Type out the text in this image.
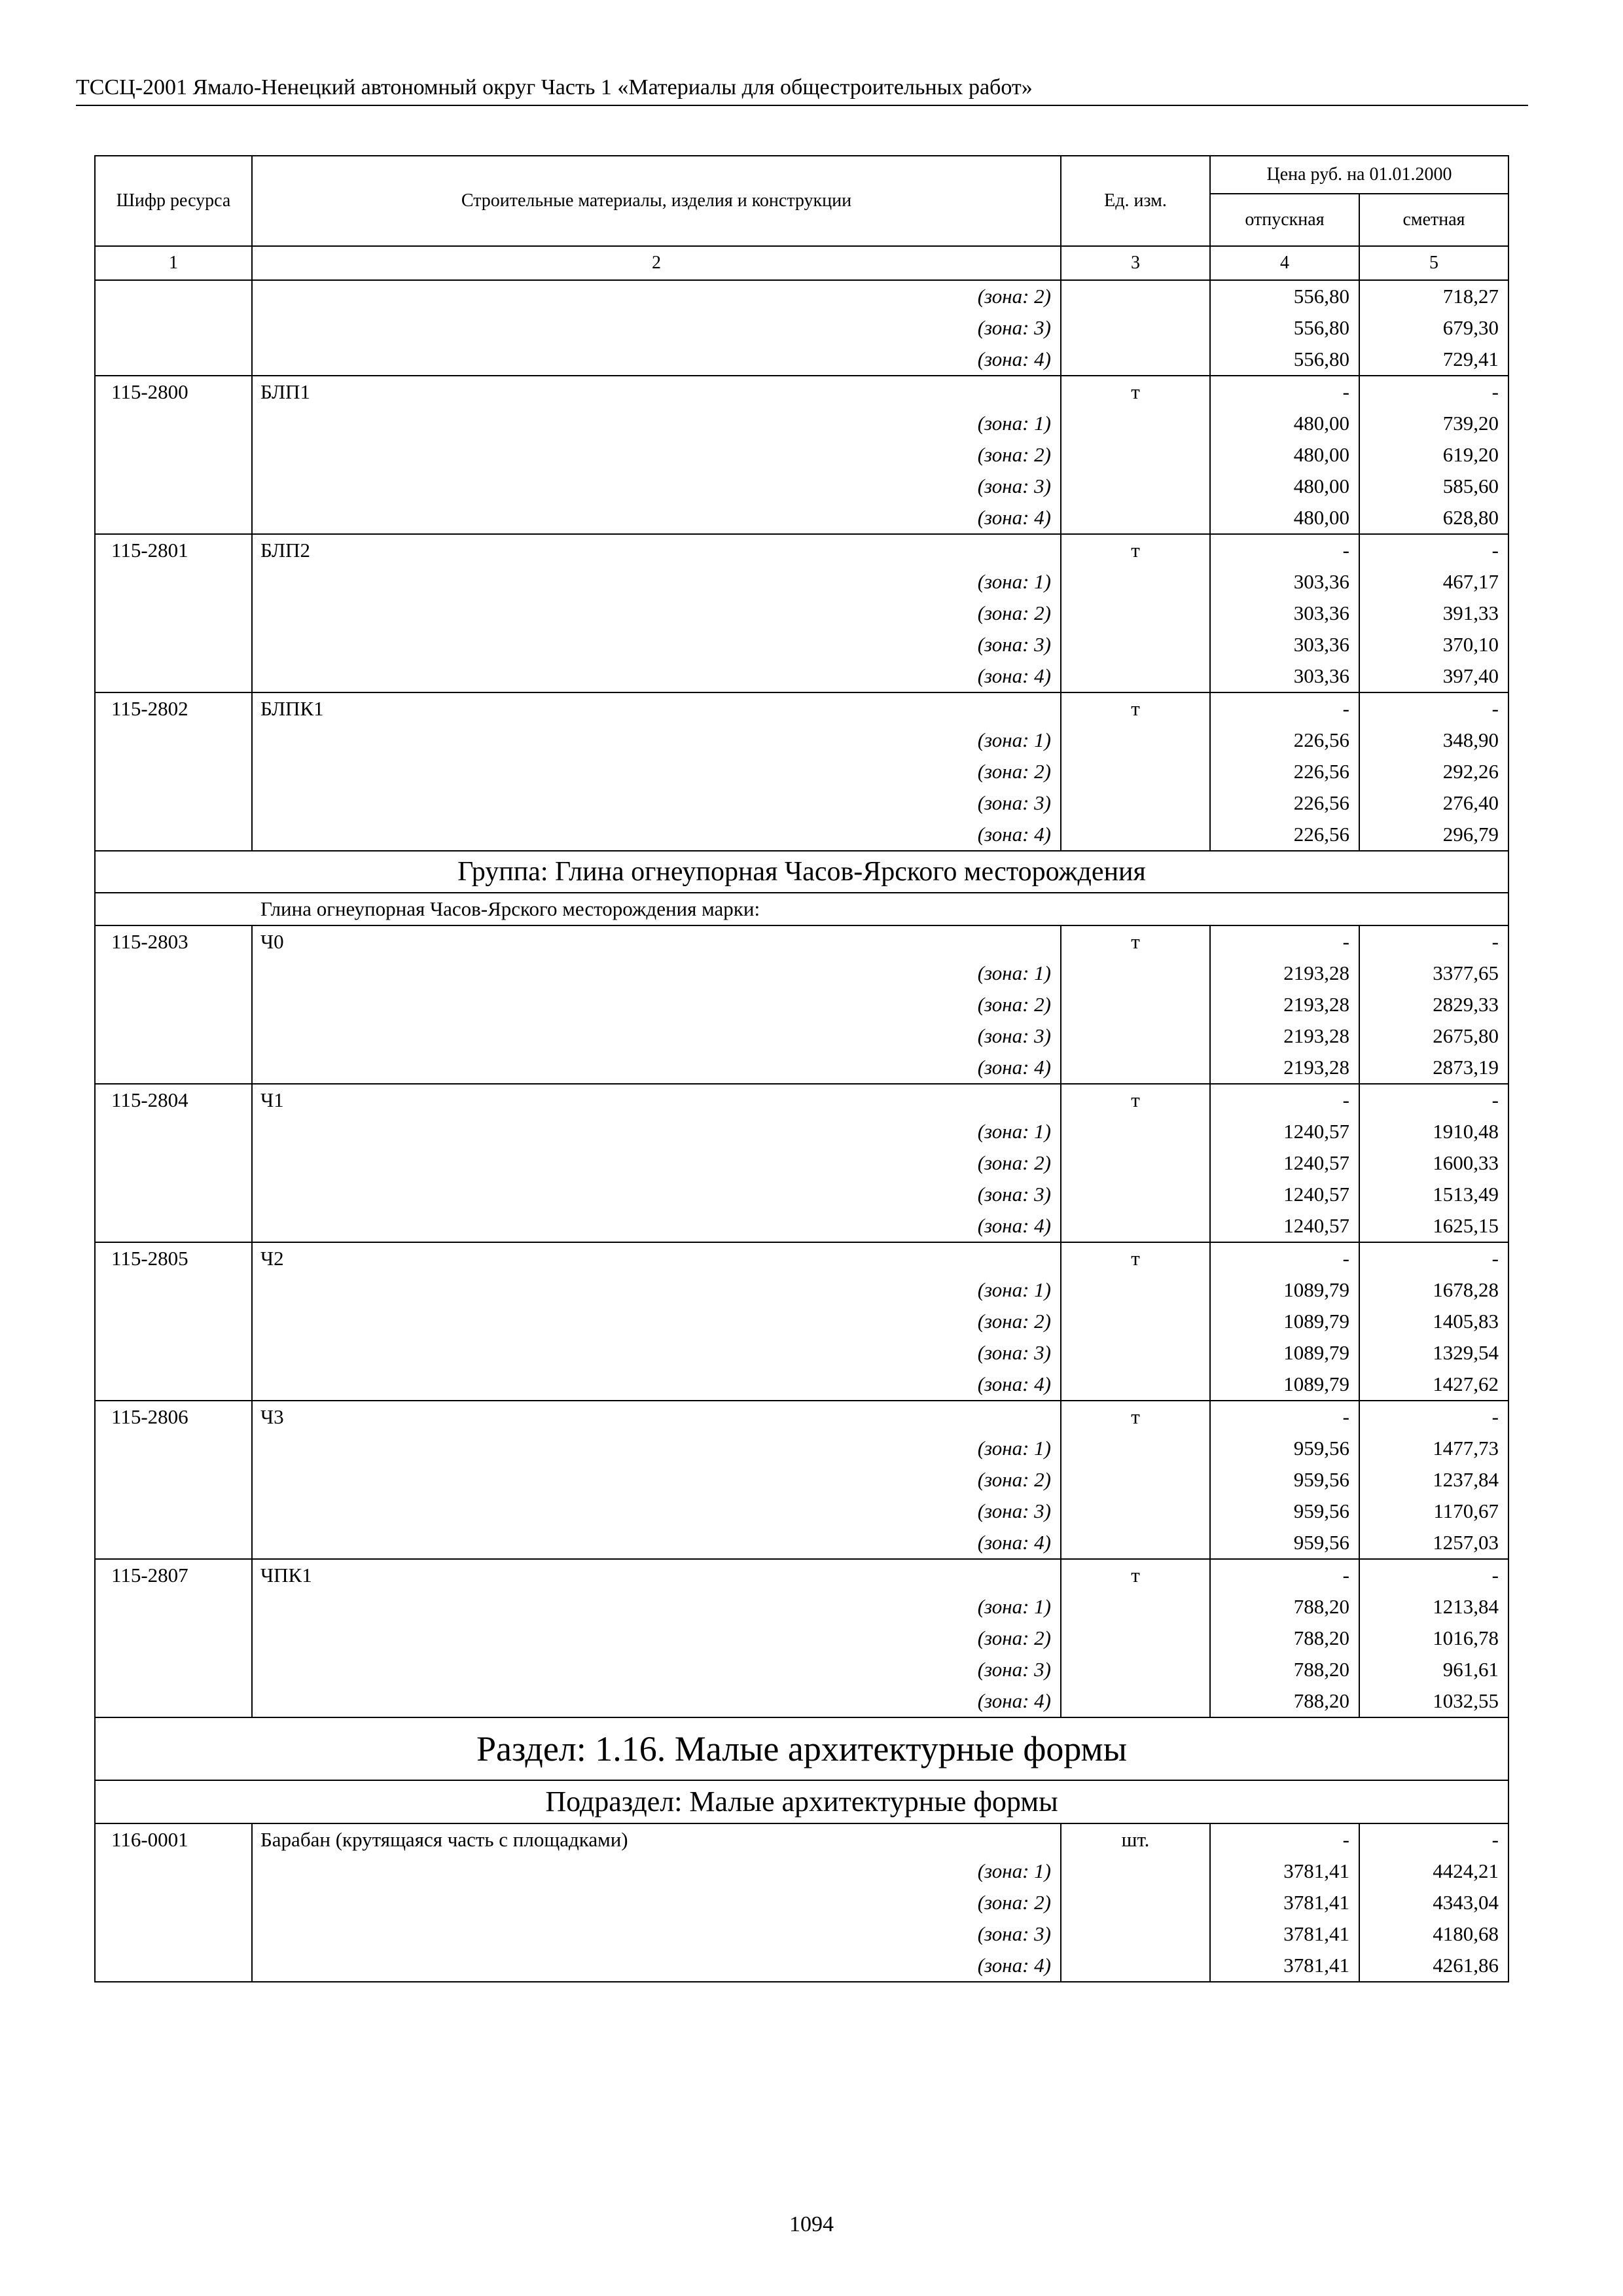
ТССЦ-2001 Ямало-Ненецкий автономный округ Часть 1 «Материалы для общестроительных работ»
Шифр ресурса	Строительные материалы, изделия и конструкции	Ед. изм.	Цена руб. на 01.01.2000	
			отпускная	сметная
1	2	3	4	5
	(зона: 2)		556,80	718,27
	(зона: 3)		556,80	679,30
	(зона: 4)		556,80	729,41
115-2800	БЛП1	т	-	-
	(зона: 1)		480,00	739,20
	(зона: 2)		480,00	619,20
	(зона: 3)		480,00	585,60
	(зона: 4)		480,00	628,80
115-2801	БЛП2	т	-	-
	(зона: 1)		303,36	467,17
	(зона: 2)		303,36	391,33
	(зона: 3)		303,36	370,10
	(зона: 4)		303,36	397,40
115-2802	БЛПК1	т	-	-
	(зона: 1)		226,56	348,90
	(зона: 2)		226,56	292,26
	(зона: 3)		226,56	276,40
	(зона: 4)		226,56	296,79
Группа: Глина огнеупорная Часов-Ярского месторождения				
Глина огнеупорная Часов-Ярского месторождения марки:				
115-2803	Ч0	т	-	-
	(зона: 1)		2193,28	3377,65
	(зона: 2)		2193,28	2829,33
	(зона: 3)		2193,28	2675,80
	(зона: 4)		2193,28	2873,19
115-2804	Ч1	т	-	-
	(зона: 1)		1240,57	1910,48
	(зона: 2)		1240,57	1600,33
	(зона: 3)		1240,57	1513,49
	(зона: 4)		1240,57	1625,15
115-2805	Ч2	т	-	-
	(зона: 1)		1089,79	1678,28
	(зона: 2)		1089,79	1405,83
	(зона: 3)		1089,79	1329,54
	(зона: 4)		1089,79	1427,62
115-2806	Ч3	т	-	-
	(зона: 1)		959,56	1477,73
	(зона: 2)		959,56	1237,84
	(зона: 3)		959,56	1170,67
	(зона: 4)		959,56	1257,03
115-2807	ЧПК1	т	-	-
	(зона: 1)		788,20	1213,84
	(зона: 2)		788,20	1016,78
	(зона: 3)		788,20	961,61
	(зона: 4)		788,20	1032,55
Раздел: 1.16. Малые архитектурные формы				
Подраздел: Малые архитектурные формы				
116-0001	Барабан (крутящаяся часть с площадками)	шт.	-	-
	(зона: 1)		3781,41	4424,21
	(зона: 2)		3781,41	4343,04
	(зона: 3)		3781,41	4180,68
	(зона: 4)		3781,41	4261,86
1094
